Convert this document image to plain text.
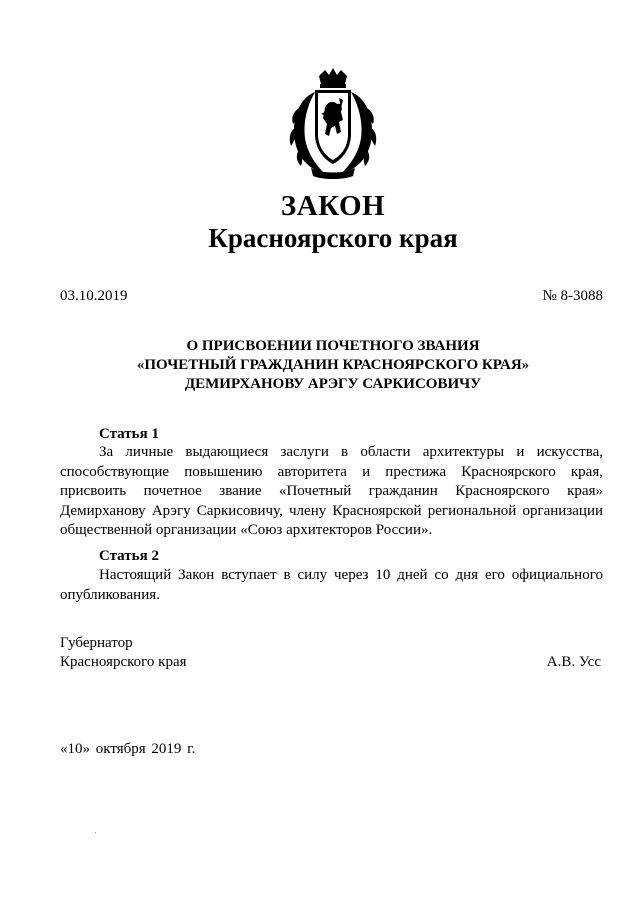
ЗАКОН
Красноярского края
03.10.2019	№ 8-3088
О ПРИСВОЕНИИ ПОЧЕТНОГО ЗВАНИЯ
«ПОЧЕТНЫЙ ГРАЖДАНИН КРАСНОЯРСКОГО КРАЯ»
ДЕМИРХАНОВУ АРЭГУ САРКИСОВИЧУ
Статья 1

За личные выдающиеся заслуги в области архитектуры и искусства, способствующие повышению авторитета и престижа Красноярского края, присвоить почетное звание «Почетный гражданин Красноярского края» Демирханову Арэгу Саркисовичу, члену Красноярской региональной организации общественной организации «Союз архитекторов России».

Статья 2

Настоящий Закон вступает в силу через 10 дней со дня его официального опубликования.

Губернатор
Красноярского края	А.В. Усс
«10» октября 2019 г.
